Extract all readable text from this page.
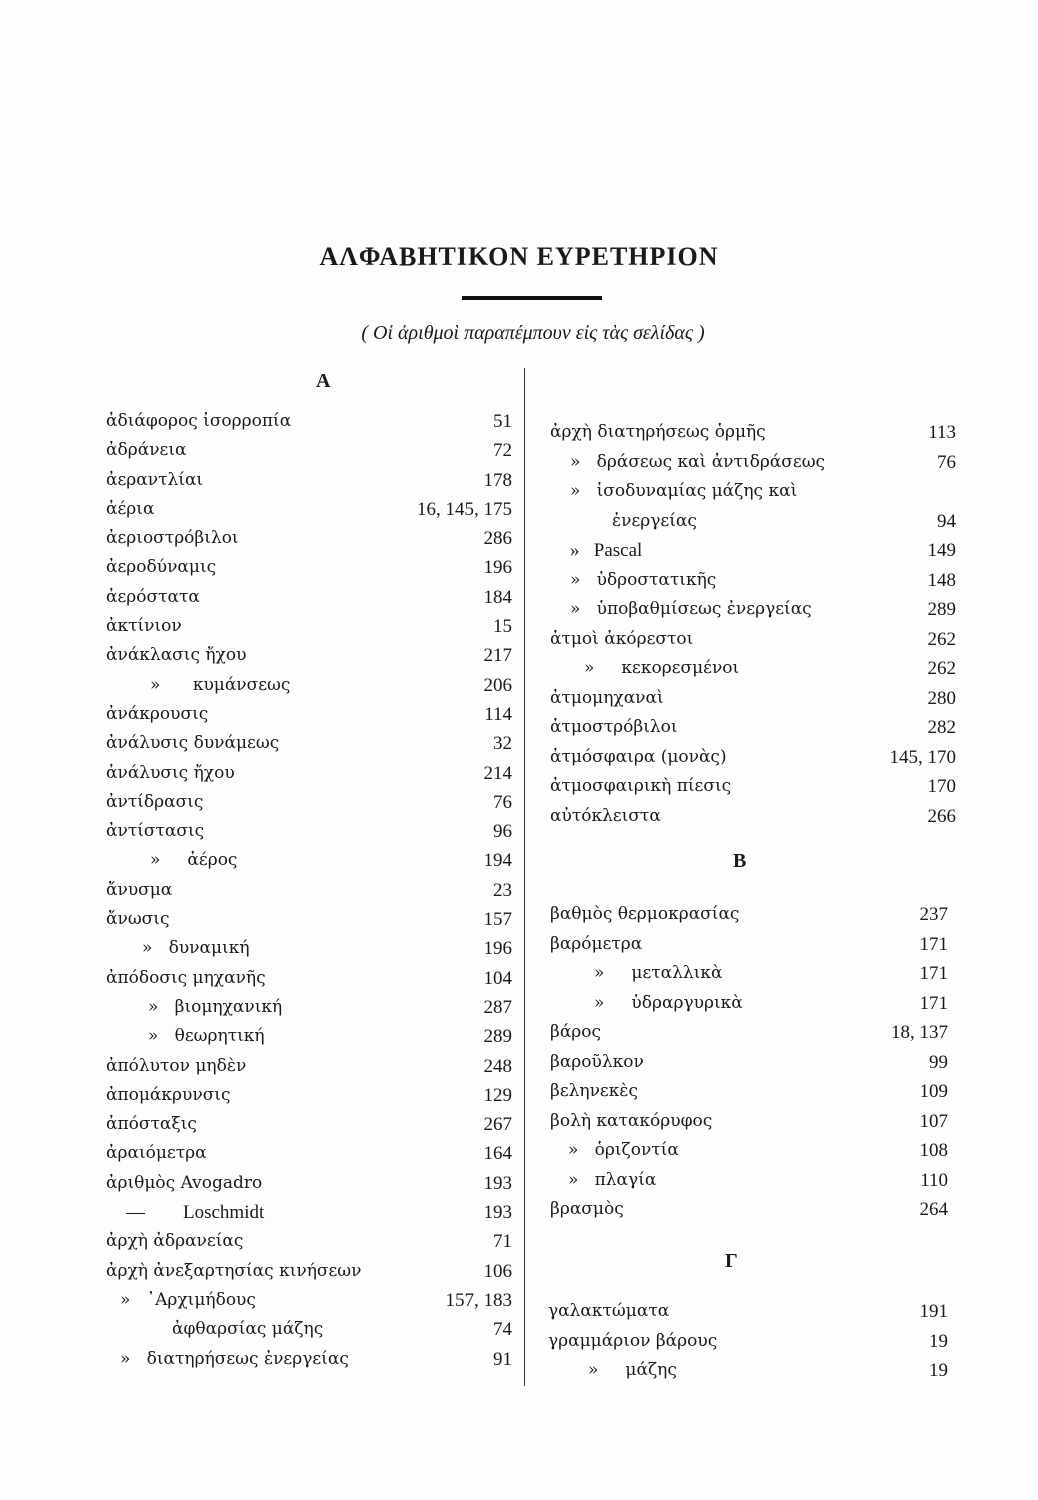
ΑΛΦΑΒΗΤΙΚΟΝ ΕΥΡΕΤΗΡΙΟΝ
( Οἱ ἀριθμοὶ παραπέμπουν εἰς τὰς σελίδας )
A
ἀδιάφορος ἰσορροπία	51
ἀδράνεια	72
ἀεραντλίαι	178
ἀέρια	16, 145, 175
ἀεριοστρόβιλοι	286
ἀεροδύναμις	196
ἀερόστατα	184
ἀκτίνιον	15
ἀνάκλασις ἤχου	217
»      κυμάνσεως	206
ἀνάκρουσις	114
ἀνάλυσις δυνάμεως	32
ἀνάλυσις ἤχου	214
ἀντίδρασις	76
ἀντίστασις	96
»     ἀέρος	194
ἄνυσμα	23
ἄνωσις	157
»   δυναμική	196
ἀπόδοσις μηχανῆς	104
»   βιομηχανική	287
»   θεωρητική	289
ἀπόλυτον μηδὲν	248
ἀπομάκρυνσις	129
ἀπόσταξις	267
ἀραιόμετρα	164
ἀριθμὸς Avogadro	193
—        Loschmidt	193
ἀρχὴ ἀδρανείας	71
ἀρχὴ ἀνεξαρτησίας κινήσεων	106
»   ᾽Αρχιμήδους	157, 183
ἀφθαρσίας μάζης	74
»   διατηρήσεως ἐνεργείας	91
ἀρχὴ διατηρήσεως ὁρμῆς	113
»   δράσεως καὶ ἀντιδράσεως	76
»   ἰσοδυναμίας μάζης καὶ
ἐνεργείας	94
»   Pascal	149
»   ὑδροστατικῆς	148
»   ὑποβαθμίσεως ἐνεργείας	289
ἀτμοὶ ἀκόρεστοι	262
»     κεκορεσμένοι	262
ἀτμομηχαναὶ	280
ἀτμοστρόβιλοι	282
ἀτμόσφαιρα (μονὰς)	145, 170
ἀτμοσφαιρικὴ πίεσις	170
αὐτόκλειστα	266
B
βαθμὸς θερμοκρασίας	237
βαρόμετρα	171
»     μεταλλικὰ	171
»     ὑδραργυρικὰ	171
βάρος	18, 137
βαροῦλκον	99
βεληνεκὲς	109
βολὴ κατακόρυφος	107
»   ὁριζοντία	108
»   πλαγία	110
βρασμὸς	264
Γ
γαλακτώματα	191
γραμμάριον βάρους	19
»     μάζης	19
